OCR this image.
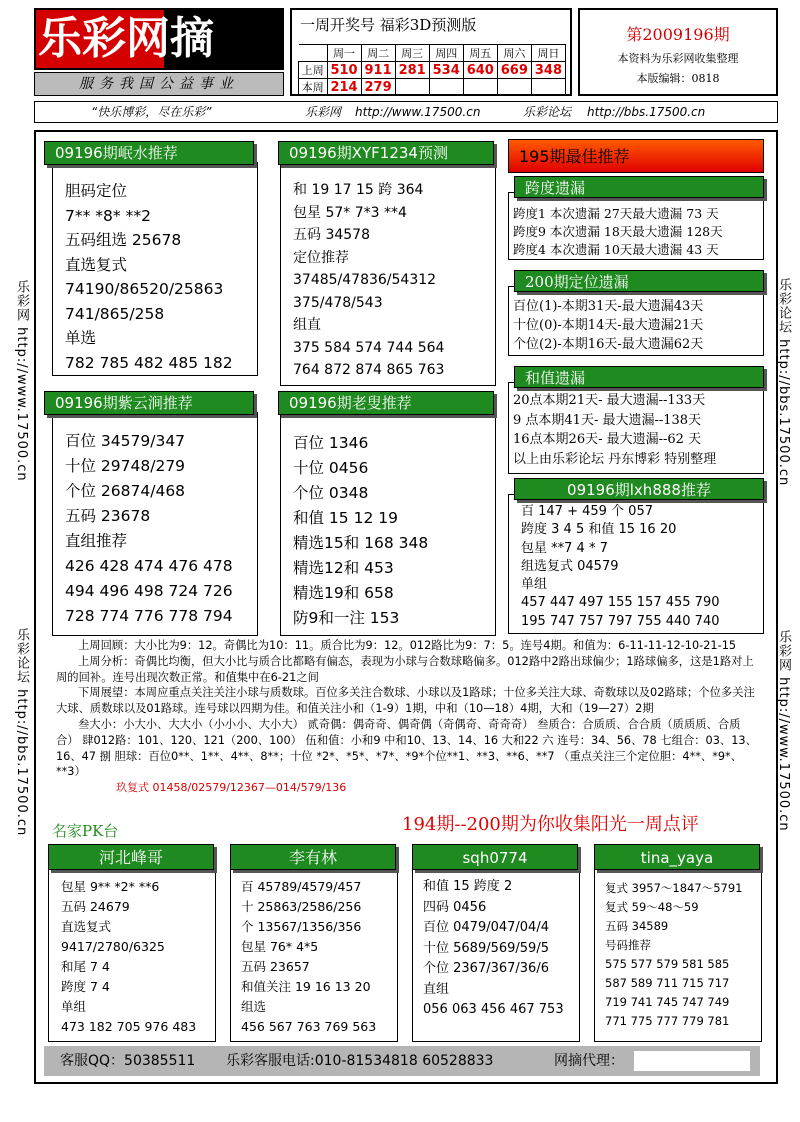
乐彩网摘
服务我国公益事业
一周开奖号 福彩3D预测版
	周一	周二	周三	周四	周五	周六	周日
上周	510	911	281	534	640	669	348
本周	214	279					
第2009196期
本资料为乐彩网收集整理
本版编辑：0818
“快乐博彩，尽在乐彩”	乐彩网 http://www.17500.cn	乐彩论坛 http://bbs.17500.cn
乐彩网 http://www.17500.cn
乐彩论坛 http://bbs.17500.cn
乐彩论坛 http://bbs.17500.cn
乐彩网 http://www.17500.cn
胆码定位
7** *8* **2
五码组选 25678
直选复式
74190/86520/25863
741/865/258
单选
782 785 482 485 182
09196期岷水推荐
和 19 17 15 跨 364
包星 57* 7*3 **4
五码 34578
定位推荐
37485/47836/54312
375/478/543
组直
375 584 574 744 564
764 872 874 865 763
09196期XYF1234预测
百位 34579/347
十位 29748/279
个位 26874/468
五码 23678
直组推荐
426 428 474 476 478
494 496 498 724 726
728 774 776 778 794
09196期紫云涧推荐
百位 1346
十位 0456
个位 0348
和值 15 12 19
精选15和 168 348
精选12和 453
精选19和 658
防9和一注 153
09196期老叟推荐
195期最佳推荐
跨度1 本次遗漏 27天最大遗漏 73 天
跨度9 本次遗漏 18天最大遗漏 128天
跨度4 本次遗漏 10天最大遗漏 43 天
跨度遗漏
百位(1)-本期31天-最大遗漏43天
十位(0)-本期14天-最大遗漏21天
个位(2)-本期16天-最大遗漏62天
200期定位遗漏
20点本期21天- 最大遗漏--133天
9 点本期41天- 最大遗漏--138天
16点本期26天- 最大遗漏--62 天
以上由乐彩论坛 丹东博彩 特别整理
和值遗漏
百 147 + 459 个 057
跨度 3 4 5 和值 15 16 20
包星 **7 4 * 7
组选复式 04579
单组
457 447 497 155 157 455 790
195 747 757 797 755 440 740
09196期lxh888推荐
上周回顾：大小比为9：12。奇偶比为10：11。质合比为9：12。012路比为9：7：5。连号4期。和值为：6-11-11-12-10-21-15
上周分析：奇偶比均衡，但大小比与质合比都略有偏态，表现为小球与合数球略偏多。012路中2路出球偏少；1路球偏多，这是1路对上周的回补。连号出现次数正常。和值集中在6-21之间
下周展望：本周应重点关注关注小球与质数球。百位多关注合数球、小球以及1路球；十位多关注大球、奇数球以及02路球；个位多关注大球、质数球以及01路球。连号球以四期为佳。和值关注小和（1-9）1期，中和（10—18）4期，大和（19—27）2期
叁大小：小大小、大大小（小小小、大小大） 贰奇偶：偶奇奇、偶奇偶（奇偶奇、奇奇奇） 叁质合：合质质、合合质（质质质、合质合） 肆012路：101、120、121（200、100） 伍和值：小和9 中和10、13、14、16 大和22 六 连号：34、56、78 七组合：03、13、16、47 捌 胆球：百位0**、1**、4**、8**；十位 *2*、*5*、*7*、*9*个位**1、**3、**6、**7 （重点关注三个定位胆：4**、*9*、**3）
玖复式 01458/02579/12367—014/579/136
名家PK台	194期--200期为你收集阳光一周点评
包星 9** *2* **6
五码 24679
直选复式
9417/2780/6325
和尾 7 4
跨度 7 4
单组
473 182 705 976 483
河北峰哥
百 45789/4579/457
十 25863/2586/256
个 13567/1356/356
包星 76* 4*5
五码 23657
和值关注 19 16 13 20
组选
456 567 763 769 563
李有林
和值 15 跨度 2
四码 0456
百位 0479/047/04/4
十位 5689/569/59/5
个位 2367/367/36/6
直组
056 063 456 467 753
sqh0774
复式 3957～1847～5791
复式 59～48～59
五码 34589
号码推荐
575 577 579 581 585
587 589 711 715 717
719 741 745 747 749
771 775 777 779 781
tina_yaya
客服QQ：50385511 乐彩客服电话:010-81534818 60528833	网摘代理：
